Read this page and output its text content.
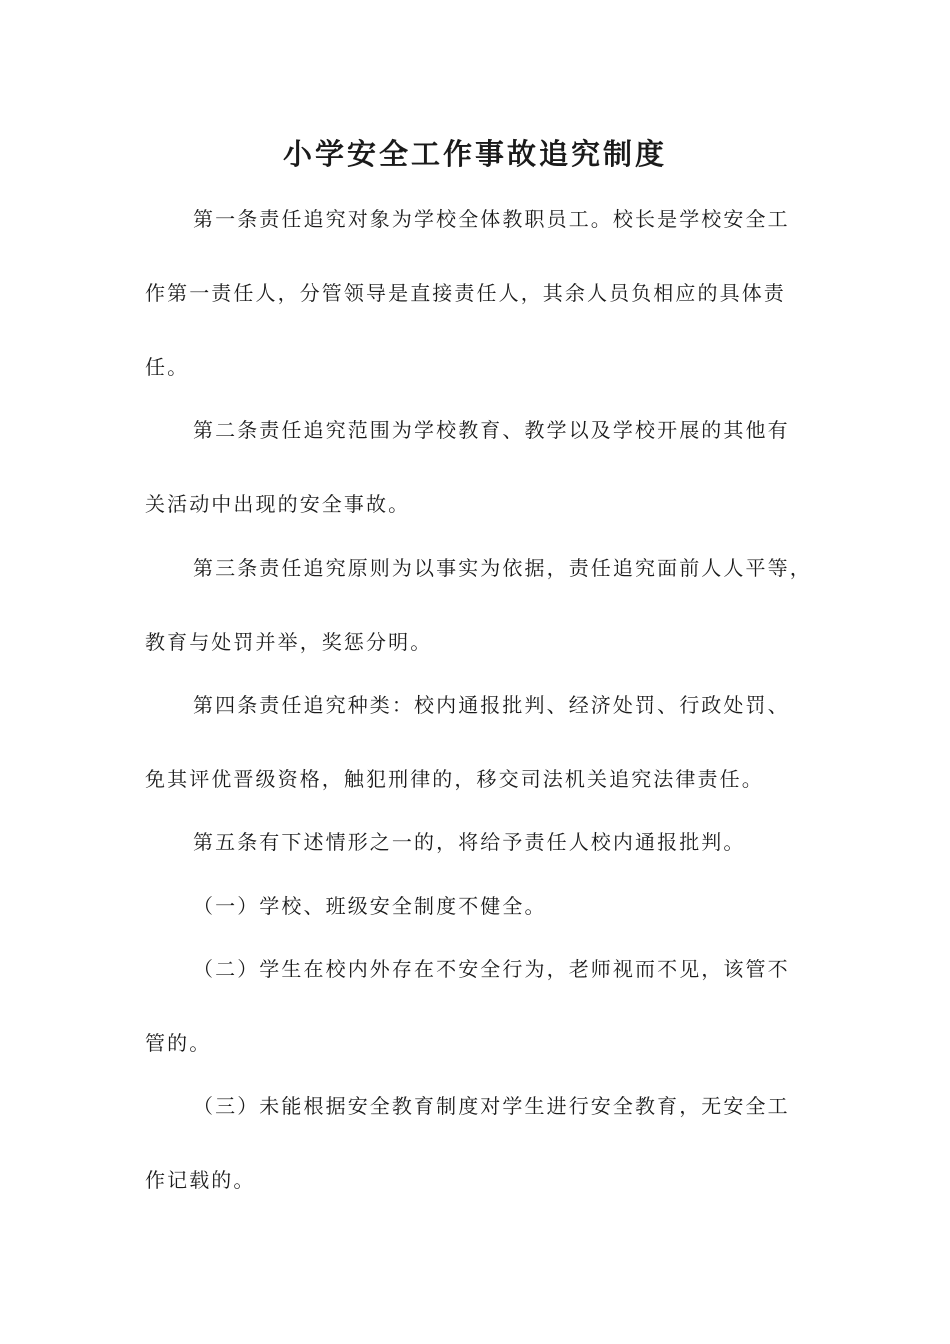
小学安全工作事故追究制度

第一条责任追究对象为学校全体教职员工。校长是学校安全工

作第一责任人，分管领导是直接责任人，其余人员负相应的具体责

任。

第二条责任追究范围为学校教育、教学以及学校开展的其他有

关活动中出现的安全事故。

第三条责任追究原则为以事实为依据，责任追究面前人人平等，

教育与处罚并举，奖惩分明。

第四条责任追究种类：校内通报批判、经济处罚、行政处罚、

免其评优晋级资格，触犯刑律的，移交司法机关追究法律责任。

第五条有下述情形之一的，将给予责任人校内通报批判。

（一）学校、班级安全制度不健全。

（二）学生在校内外存在不安全行为，老师视而不见，该管不

管的。

（三）未能根据安全教育制度对学生进行安全教育，无安全工

作记载的。
